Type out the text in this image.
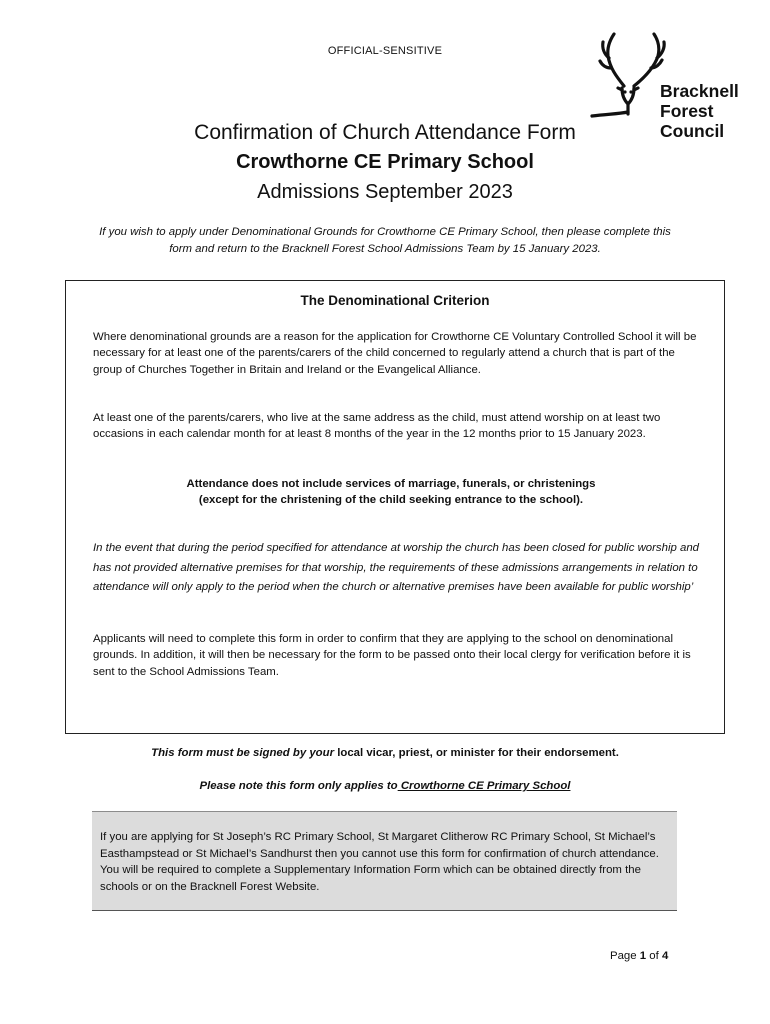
OFFICIAL-SENSITIVE
Bracknell
Forest
Council
Confirmation of Church Attendance Form
Crowthorne CE Primary School
Admissions September 2023
If you wish to apply under Denominational Grounds for Crowthorne CE Primary School, then please complete this form and return to the Bracknell Forest School Admissions Team by 15 January 2023.
The Denominational Criterion
Where denominational grounds are a reason for the application for Crowthorne CE Voluntary Controlled School it will be necessary for at least one of the parents/carers of the child concerned to regularly attend a church that is part of the group of Churches Together in Britain and Ireland or the Evangelical Alliance.
At least one of the parents/carers, who live at the same address as the child, must attend worship on at least two occasions in each calendar month for at least 8 months of the year in the 12 months prior to 15 January 2023.
Attendance does not include services of marriage, funerals, or christenings
(except for the christening of the child seeking entrance to the school).
In the event that during the period specified for attendance at worship the church has been closed for public worship and has not provided alternative premises for that worship, the requirements of these admissions arrangements in relation to attendance will only apply to the period when the church or alternative premises have been available for public worship’
Applicants will need to complete this form in order to confirm that they are applying to the school on denominational grounds. In addition, it will then be necessary for the form to be passed onto their local clergy for verification before it is sent to the School Admissions Team.
This form must be signed by your local vicar, priest, or minister for their endorsement.
Please note this form only applies to Crowthorne CE Primary School
If you are applying for St Joseph’s RC Primary School, St Margaret Clitherow RC Primary School, St Michael’s Easthampstead or St Michael’s Sandhurst then you cannot use this form for confirmation of church attendance. You will be required to complete a Supplementary Information Form which can be obtained directly from the schools or on the Bracknell Forest Website.
Page 1 of 4
